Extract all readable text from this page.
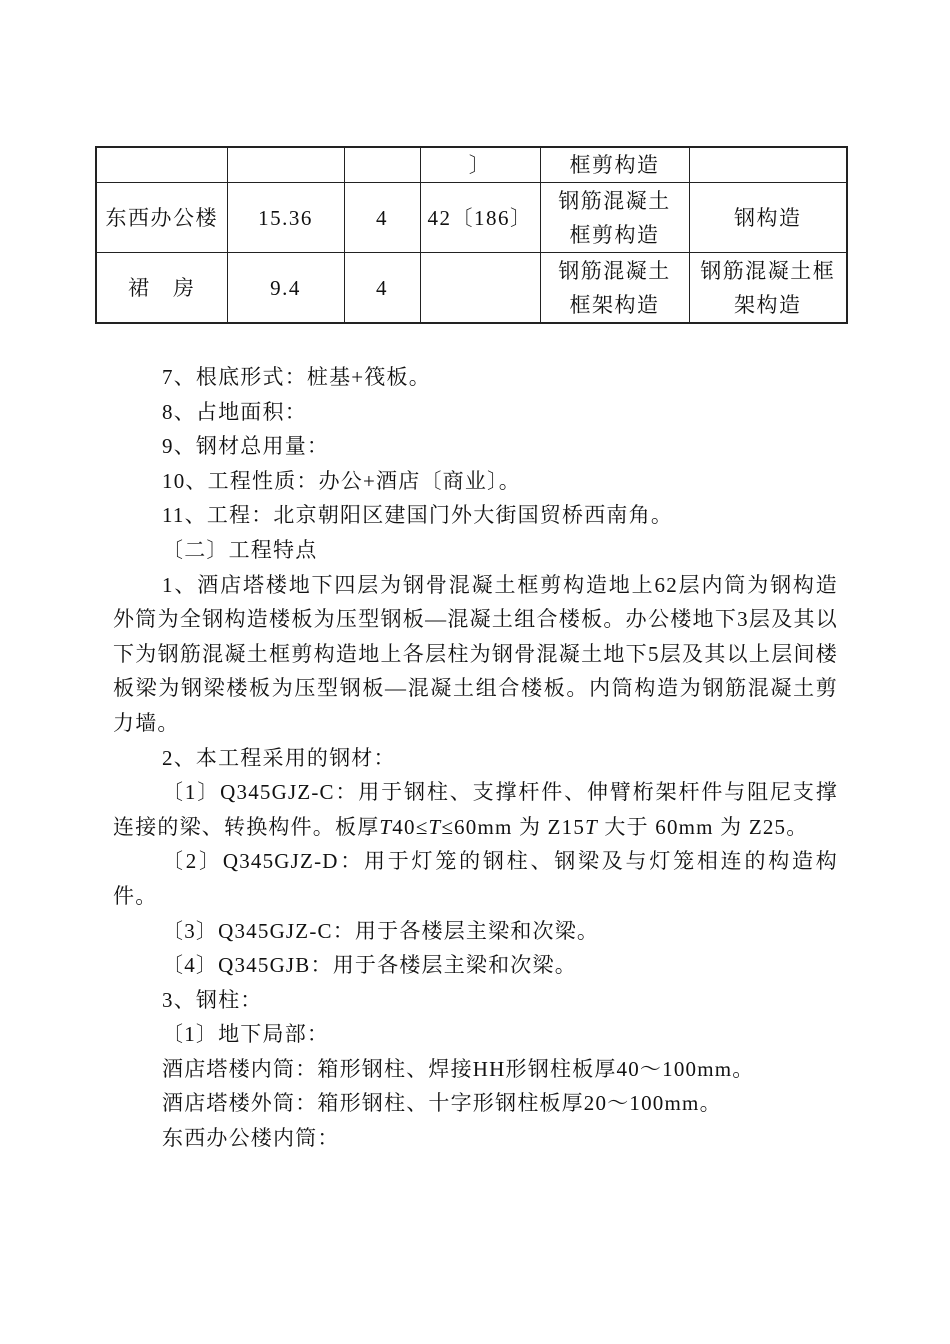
			〕	框剪构造	
东西办公楼	15.36	4	42〔186〕	钢筋混凝土框剪构造	钢构造
裙　房	9.4	4		钢筋混凝土框架构造	钢筋混凝土框架构造

7、根底形式：桩基+筏板。

8、占地面积：

9、钢材总用量：

10、工程性质：办公+酒店〔商业〕。

11、工程：北京朝阳区建国门外大街国贸桥西南角。

〔二〕工程特点

1、酒店塔楼地下四层为钢骨混凝土框剪构造地上62层内筒为钢构造外筒为全钢构造楼板为压型钢板—混凝土组合楼板。办公楼地下3层及其以下为钢筋混凝土框剪构造地上各层柱为钢骨混凝土地下5层及其以上层间楼板梁为钢梁楼板为压型钢板—混凝土组合楼板。内筒构造为钢筋混凝土剪力墙。

2、本工程采用的钢材：

〔1〕Q345GJZ-C：用于钢柱、支撑杆件、伸臂桁架杆件与阻尼支撑连接的梁、转换构件。板厚T40≤T≤60mm 为 Z15T 大于 60mm 为 Z25。

〔2〕Q345GJZ-D：用于灯笼的钢柱、钢梁及与灯笼相连的构造构件。

〔3〕Q345GJZ-C：用于各楼层主梁和次梁。

〔4〕Q345GJB：用于各楼层主梁和次梁。

3、钢柱：

〔1〕地下局部：

酒店塔楼内筒：箱形钢柱、焊接HH形钢柱板厚40～100mm。

酒店塔楼外筒：箱形钢柱、十字形钢柱板厚20～100mm。

东西办公楼内筒：
